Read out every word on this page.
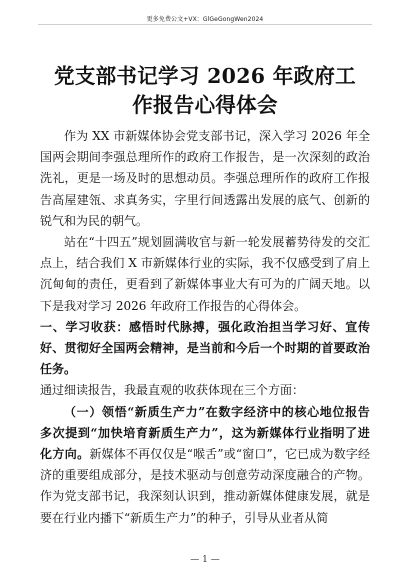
更多免费公文+VX：GlGeGongWen2024
党支部书记学习 2026 年政府工作报告心得体会

作为 XX 市新媒体协会党支部书记，深入学习 2026 年全国两会期间李强总理所作的政府工作报告，是一次深刻的政治洗礼，更是一场及时的思想动员。李强总理所作的政府工作报告高屋建瓴、求真务实，字里行间透露出发展的底气、创新的锐气和为民的朝气。

站在“十四五”规划圆满收官与新一轮发展蓄势待发的交汇点上，结合我们 X 市新媒体行业的实际，我不仅感受到了肩上沉甸甸的责任，更看到了新媒体事业大有可为的广阔天地。以下是我对学习 2026 年政府工作报告的心得体会。

一、学习收获：感悟时代脉搏，强化政治担当学习好、宣传好、贯彻好全国两会精神，是当前和今后一个时期的首要政治任务。

通过细读报告，我最直观的收获体现在三个方面：

（一）领悟“新质生产力”在数字经济中的核心地位报告多次提到“加快培育新质生产力”，这为新媒体行业指明了进化方向。新媒体不再仅仅是“喉舌”或“窗口”，它已成为数字经济的重要组成部分，是技术驱动与创意劳动深度融合的产物。作为党支部书记，我深刻认识到，推动新媒体健康发展，就是要在行业内播下“新质生产力”的种子，引导从业者从简

— 1 —
